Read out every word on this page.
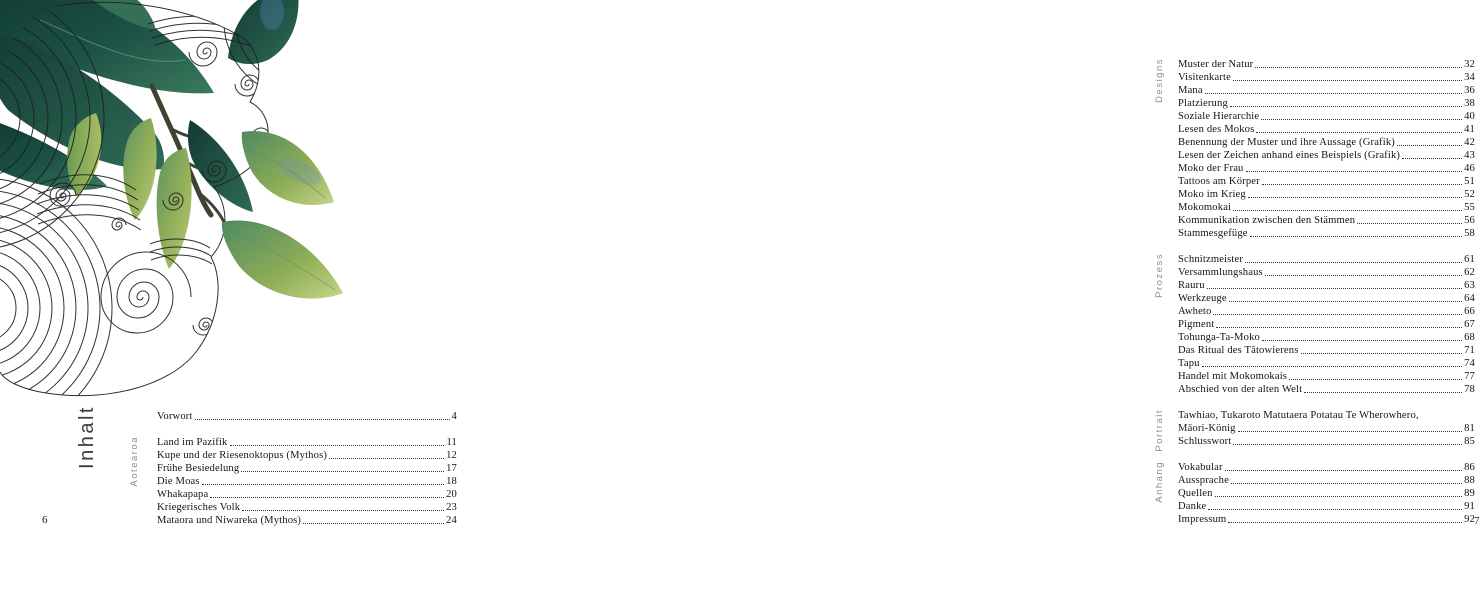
Inhalt	Vorwort	4
Aotearoa Land im Pazifik	11
Kupe und der Riesenoktopus (Mythos)	12
Frühe Besiedelung	17
Die Moas	18
Whakapapa	20
Kriegerisches Volk	23
Mataora und Niwareka (Mythos)	24
6
Designs Muster der Natur	32
Visitenkarte	34
Mana	36
Platzierung	38
Soziale Hierarchie	40
Lesen des Mokos	41
Benennung der Muster und ihre Aussage (Grafik)	42
Lesen der Zeichen anhand eines Beispiels (Grafik)	43
Moko der Frau	46
Tattoos am Körper	51
Moko im Krieg	52
Mokomokai	55
Kommunikation zwischen den Stämmen	56
Stammesgefüge	58
Prozess Schnitzmeister	61
Versammlungshaus	62
Rauru	63
Werkzeuge	64
Awheto	66
Pigment	67
Tohunga-Ta-Moko	68
Das Ritual des Tātowierens	71
Tapu	74
Handel mit Mokomokais	77
Abschied von der alten Welt	78
Portrait Tawhiao, Tukaroto Matutaera Potatau Te Wherowhero,
Māori-König	81
Schlusswort	85
Anhang Vokabular	86
Aussprache	88
Quellen	89
Danke	91
Impressum	92 7
